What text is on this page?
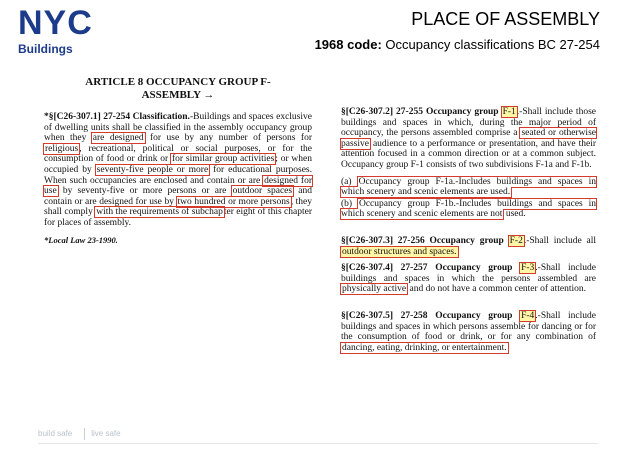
NYC
Buildings
PLACE OF ASSEMBLY
1968 code: Occupancy classifications BC 27-254
ARTICLE 8 OCCUPANCY GROUP F-
ASSEMBLY →

*§[C26-307.1] 27-254 Classification.-Buildings and spaces exclusive of dwelling units shall be classified in the assembly occupancy group when they are designed for use by any number of persons for religious, recreational, political or social purposes, or for the consumption of food or drink or for similar group activities; or when occupied by seventy-five people or more for educational purposes. When such occupancies are enclosed and contain or are designed for use by seventy-five or more persons or are outdoor spaces and contain or are designed for use by two hundred or more persons, they shall comply with the requirements of subchapter eight of this chapter for places of assembly.

*Local Law 23-1990.

§[C26-307.2] 27-255 Occupancy group F-1.-Shall include those buildings and spaces in which, during the major period of occupancy, the persons assembled comprise a seated or otherwise passive audience to a performance or presentation, and have their attention focused in a common direction or at a common subject. Occupancy group F-1 consists of two subdivisions F-1a and F-1b.

(a) Occupancy group F-1a.-Includes buildings and spaces in which scenery and scenic elements are used.

(b) Occupancy group F-1b.-Includes buildings and spaces in which scenery and scenic elements are not used.

§[C26-307.3] 27-256 Occupancy group F-2.-Shall include all outdoor structures and spaces.

§[C26-307.4] 27-257 Occupancy group F-3.-Shall include buildings and spaces in which the persons assembled are physically active and do not have a common center of attention.

§[C26-307.5] 27-258 Occupancy group F-4.-Shall include buildings and spaces in which persons assemble for dancing or for the consumption of food or drink, or for any combination of dancing, eating, drinking, or entertainment.

build safe live safe
